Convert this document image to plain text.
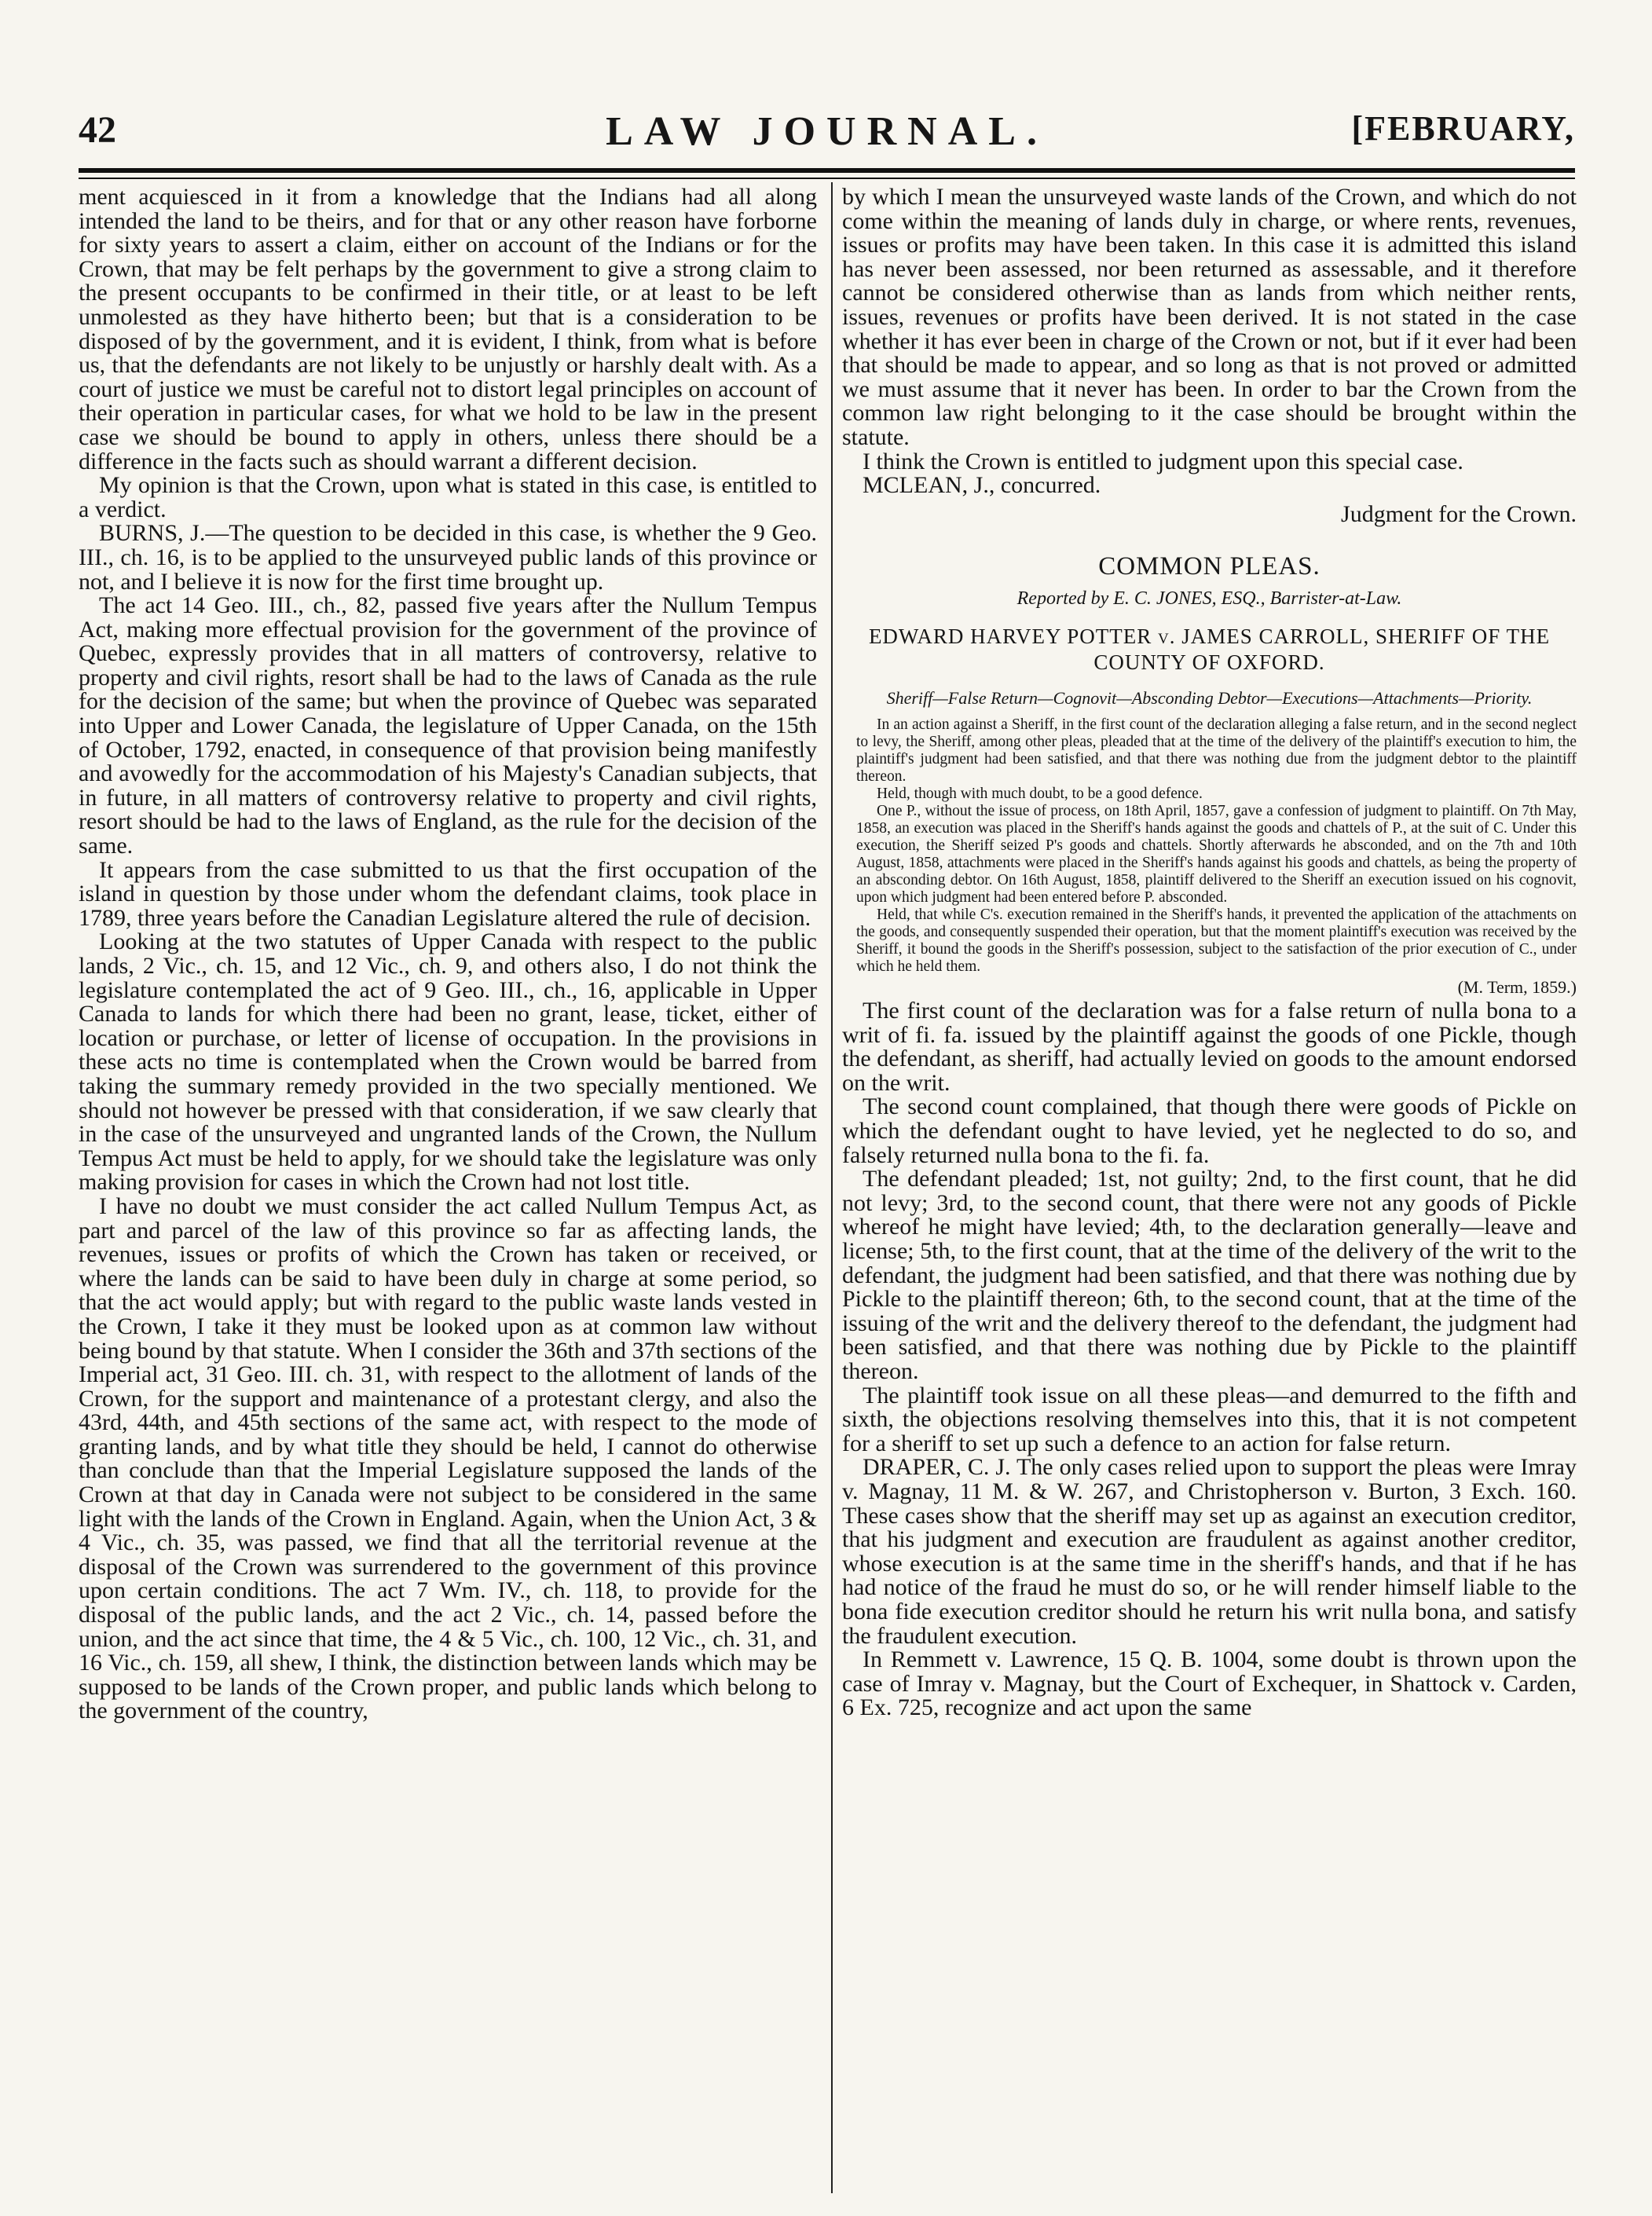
42	LAW JOURNAL.	[FEBRUARY,

ment acquiesced in it from a knowledge that the Indians had all along intended the land to be theirs, and for that or any other reason have forborne for sixty years to assert a claim, either on account of the Indians or for the Crown, that may be felt perhaps by the government to give a strong claim to the present occupants to be confirmed in their title, or at least to be left unmolested as they have hitherto been; but that is a consideration to be disposed of by the government, and it is evident, I think, from what is before us, that the defendants are not likely to be unjustly or harshly dealt with. As a court of justice we must be careful not to distort legal principles on account of their operation in particular cases, for what we hold to be law in the present case we should be bound to apply in others, unless there should be a difference in the facts such as should warrant a different decision.

My opinion is that the Crown, upon what is stated in this case, is entitled to a verdict.

BURNS, J.—The question to be decided in this case, is whether the 9 Geo. III., ch. 16, is to be applied to the unsurveyed public lands of this province or not, and I believe it is now for the first time brought up.

The act 14 Geo. III., ch., 82, passed five years after the Nullum Tempus Act, making more effectual provision for the government of the province of Quebec, expressly provides that in all matters of controversy, relative to property and civil rights, resort shall be had to the laws of Canada as the rule for the decision of the same; but when the province of Quebec was separated into Upper and Lower Canada, the legislature of Upper Canada, on the 15th of October, 1792, enacted, in consequence of that provision being manifestly and avowedly for the accommodation of his Majesty's Canadian subjects, that in future, in all matters of controversy relative to property and civil rights, resort should be had to the laws of England, as the rule for the decision of the same.

It appears from the case submitted to us that the first occupation of the island in question by those under whom the defendant claims, took place in 1789, three years before the Canadian Legislature altered the rule of decision.

Looking at the two statutes of Upper Canada with respect to the public lands, 2 Vic., ch. 15, and 12 Vic., ch. 9, and others also, I do not think the legislature contemplated the act of 9 Geo. III., ch., 16, applicable in Upper Canada to lands for which there had been no grant, lease, ticket, either of location or purchase, or letter of license of occupation. In the provisions in these acts no time is contemplated when the Crown would be barred from taking the summary remedy provided in the two specially mentioned. We should not however be pressed with that consideration, if we saw clearly that in the case of the unsurveyed and ungranted lands of the Crown, the Nullum Tempus Act must be held to apply, for we should take the legislature was only making provision for cases in which the Crown had not lost title.

I have no doubt we must consider the act called Nullum Tempus Act, as part and parcel of the law of this province so far as affecting lands, the revenues, issues or profits of which the Crown has taken or received, or where the lands can be said to have been duly in charge at some period, so that the act would apply; but with regard to the public waste lands vested in the Crown, I take it they must be looked upon as at common law without being bound by that statute. When I consider the 36th and 37th sections of the Imperial act, 31 Geo. III. ch. 31, with respect to the allotment of lands of the Crown, for the support and maintenance of a protestant clergy, and also the 43rd, 44th, and 45th sections of the same act, with respect to the mode of granting lands, and by what title they should be held, I cannot do otherwise than conclude than that the Imperial Legislature supposed the lands of the Crown at that day in Canada were not subject to be considered in the same light with the lands of the Crown in England. Again, when the Union Act, 3 & 4 Vic., ch. 35, was passed, we find that all the territorial revenue at the disposal of the Crown was surrendered to the government of this province upon certain conditions. The act 7 Wm. IV., ch. 118, to provide for the disposal of the public lands, and the act 2 Vic., ch. 14, passed before the union, and the act since that time, the 4 & 5 Vic., ch. 100, 12 Vic., ch. 31, and 16 Vic., ch. 159, all shew, I think, the distinction between lands which may be supposed to be lands of the Crown proper, and public lands which belong to the government of the country,

by which I mean the unsurveyed waste lands of the Crown, and which do not come within the meaning of lands duly in charge, or where rents, revenues, issues or profits may have been taken. In this case it is admitted this island has never been assessed, nor been returned as assessable, and it therefore cannot be considered otherwise than as lands from which neither rents, issues, revenues or profits have been derived. It is not stated in the case whether it has ever been in charge of the Crown or not, but if it ever had been that should be made to appear, and so long as that is not proved or admitted we must assume that it never has been. In order to bar the Crown from the common law right belonging to it the case should be brought within the statute.

I think the Crown is entitled to judgment upon this special case.

MCLEAN, J., concurred.

Judgment for the Crown.

COMMON PLEAS.
Reported by E. C. JONES, ESQ., Barrister-at-Law.
EDWARD HARVEY POTTER v. JAMES CARROLL, SHERIFF OF THE COUNTY OF OXFORD.
Sheriff—False Return—Cognovit—Absconding Debtor—Executions—Attachments—Priority.

In an action against a Sheriff, in the first count of the declaration alleging a false return, and in the second neglect to levy, the Sheriff, among other pleas, pleaded that at the time of the delivery of the plaintiff's execution to him, the plaintiff's judgment had been satisfied, and that there was nothing due from the judgment debtor to the plaintiff thereon.

Held, though with much doubt, to be a good defence.

One P., without the issue of process, on 18th April, 1857, gave a confession of judgment to plaintiff. On 7th May, 1858, an execution was placed in the Sheriff's hands against the goods and chattels of P., at the suit of C. Under this execution, the Sheriff seized P's goods and chattels. Shortly afterwards he absconded, and on the 7th and 10th August, 1858, attachments were placed in the Sheriff's hands against his goods and chattels, as being the property of an absconding debtor. On 16th August, 1858, plaintiff delivered to the Sheriff an execution issued on his cognovit, upon which judgment had been entered before P. absconded.

Held, that while C's. execution remained in the Sheriff's hands, it prevented the application of the attachments on the goods, and consequently suspended their operation, but that the moment plaintiff's execution was received by the Sheriff, it bound the goods in the Sheriff's possession, subject to the satisfaction of the prior execution of C., under which he held them.

(M. Term, 1859.)

The first count of the declaration was for a false return of nulla bona to a writ of fi. fa. issued by the plaintiff against the goods of one Pickle, though the defendant, as sheriff, had actually levied on goods to the amount endorsed on the writ.

The second count complained, that though there were goods of Pickle on which the defendant ought to have levied, yet he neglected to do so, and falsely returned nulla bona to the fi. fa.

The defendant pleaded; 1st, not guilty; 2nd, to the first count, that he did not levy; 3rd, to the second count, that there were not any goods of Pickle whereof he might have levied; 4th, to the declaration generally—leave and license; 5th, to the first count, that at the time of the delivery of the writ to the defendant, the judgment had been satisfied, and that there was nothing due by Pickle to the plaintiff thereon; 6th, to the second count, that at the time of the issuing of the writ and the delivery thereof to the defendant, the judgment had been satisfied, and that there was nothing due by Pickle to the plaintiff thereon.

The plaintiff took issue on all these pleas—and demurred to the fifth and sixth, the objections resolving themselves into this, that it is not competent for a sheriff to set up such a defence to an action for false return.

DRAPER, C. J. The only cases relied upon to support the pleas were Imray v. Magnay, 11 M. & W. 267, and Christopherson v. Burton, 3 Exch. 160. These cases show that the sheriff may set up as against an execution creditor, that his judgment and execution are fraudulent as against another creditor, whose execution is at the same time in the sheriff's hands, and that if he has had notice of the fraud he must do so, or he will render himself liable to the bona fide execution creditor should he return his writ nulla bona, and satisfy the fraudulent execution.

In Remmett v. Lawrence, 15 Q. B. 1004, some doubt is thrown upon the case of Imray v. Magnay, but the Court of Exchequer, in Shattock v. Carden, 6 Ex. 725, recognize and act upon the same
